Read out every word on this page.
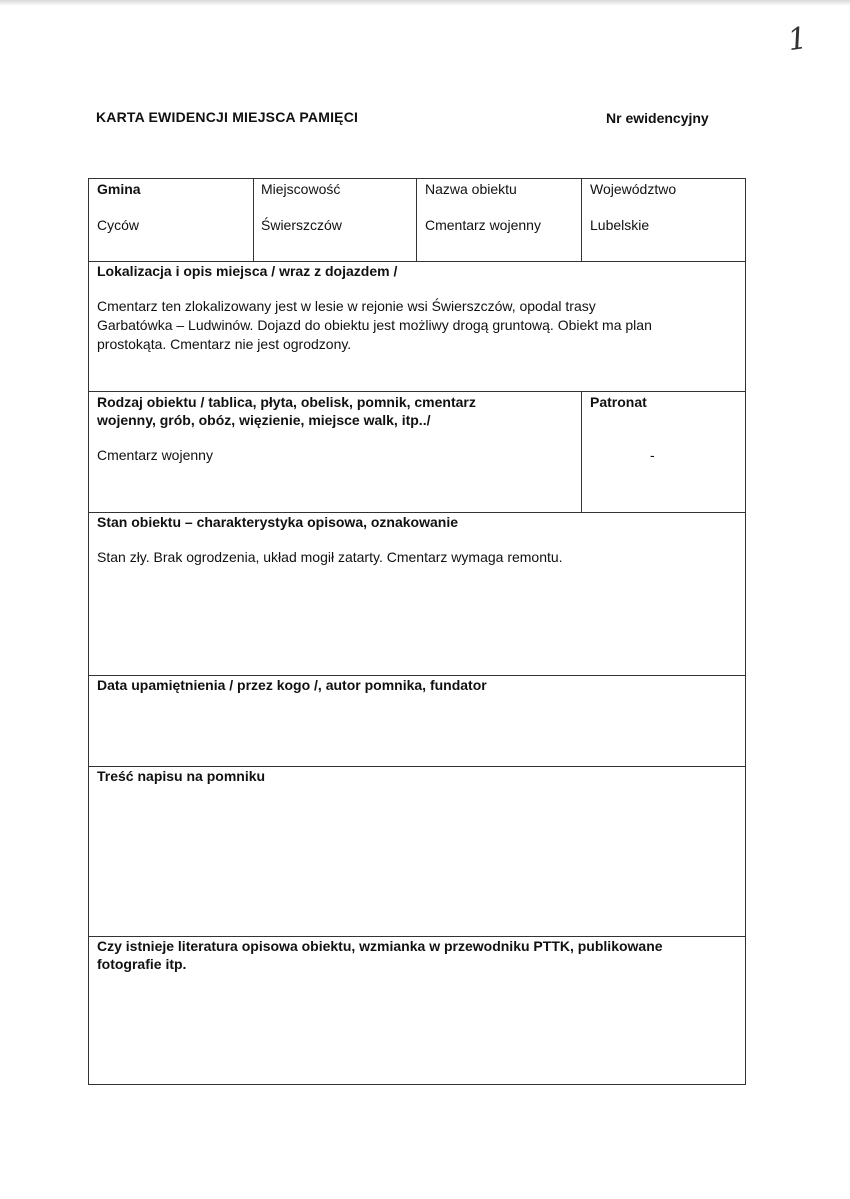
1
KARTA EWIDENCJI MIEJSCA PAMIĘCI	Nr ewidencyjny
Gmina
Cyców
Miejscowość
Świerszczów
Nazwa obiektu
Cmentarz wojenny
Województwo
Lubelskie
Lokalizacja i opis miejsca / wraz z dojazdem /
Cmentarz ten zlokalizowany jest w lesie w rejonie wsi Świerszczów, opodal trasy
Garbatówka – Ludwinów. Dojazd do obiektu jest możliwy drogą gruntową. Obiekt ma plan
prostokąta. Cmentarz nie jest ogrodzony.
Rodzaj obiektu / tablica, płyta, obelisk, pomnik, cmentarz
wojenny, grób, obóz, więzienie, miejsce walk, itp../
Cmentarz wojenny
Patronat
-
Stan obiektu – charakterystyka opisowa, oznakowanie
Stan zły. Brak ogrodzenia, układ mogił zatarty. Cmentarz wymaga remontu.
Data upamiętnienia / przez kogo /, autor pomnika, fundator
Treść napisu na pomniku
Czy istnieje literatura opisowa obiektu, wzmianka w przewodniku PTTK, publikowane
fotografie itp.
